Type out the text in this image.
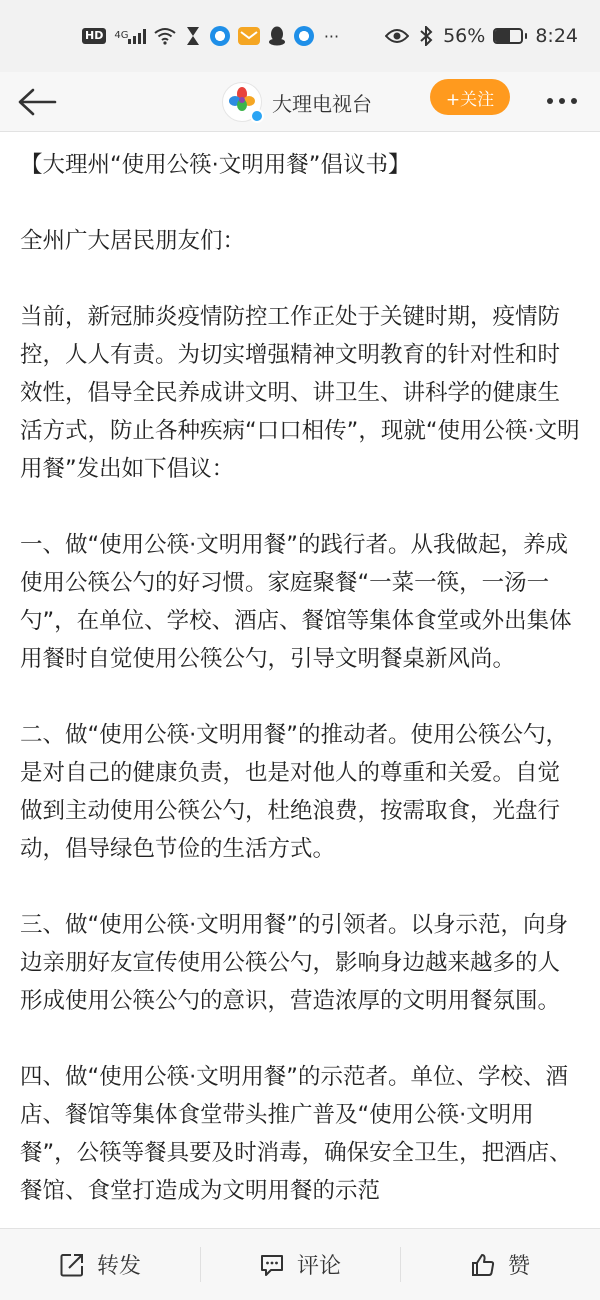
HD	4G	···	56%	8:24
大理电视台	+关注

【大理州“使用公筷·文明用餐”倡议书】

全州广大居民朋友们：

当前，新冠肺炎疫情防控工作正处于关键时期，疫情防控，人人有责。为切实增强精神文明教育的针对性和时效性，倡导全民养成讲文明、讲卫生、讲科学的健康生活方式，防止各种疾病“口口相传”，现就“使用公筷·文明用餐”发出如下倡议：

一、做“使用公筷·文明用餐”的践行者。从我做起，养成使用公筷公勺的好习惯。家庭聚餐“一菜一筷，一汤一勺”，在单位、学校、酒店、餐馆等集体食堂或外出集体用餐时自觉使用公筷公勺，引导文明餐桌新风尚。

二、做“使用公筷·文明用餐”的推动者。使用公筷公勺，是对自己的健康负责，也是对他人的尊重和关爱。自觉做到主动使用公筷公勺，杜绝浪费，按需取食，光盘行动，倡导绿色节俭的生活方式。

三、做“使用公筷·文明用餐”的引领者。以身示范，向身边亲朋好友宣传使用公筷公勺，影响身边越来越多的人形成使用公筷公勺的意识，营造浓厚的文明用餐氛围。

四、做“使用公筷·文明用餐”的示范者。单位、学校、酒店、餐馆等集体食堂带头推广普及“使用公筷·文明用餐”，公筷等餐具要及时消毒，确保安全卫生，把酒店、餐馆、食堂打造成为文明用餐的示范

转发	评论	赞
